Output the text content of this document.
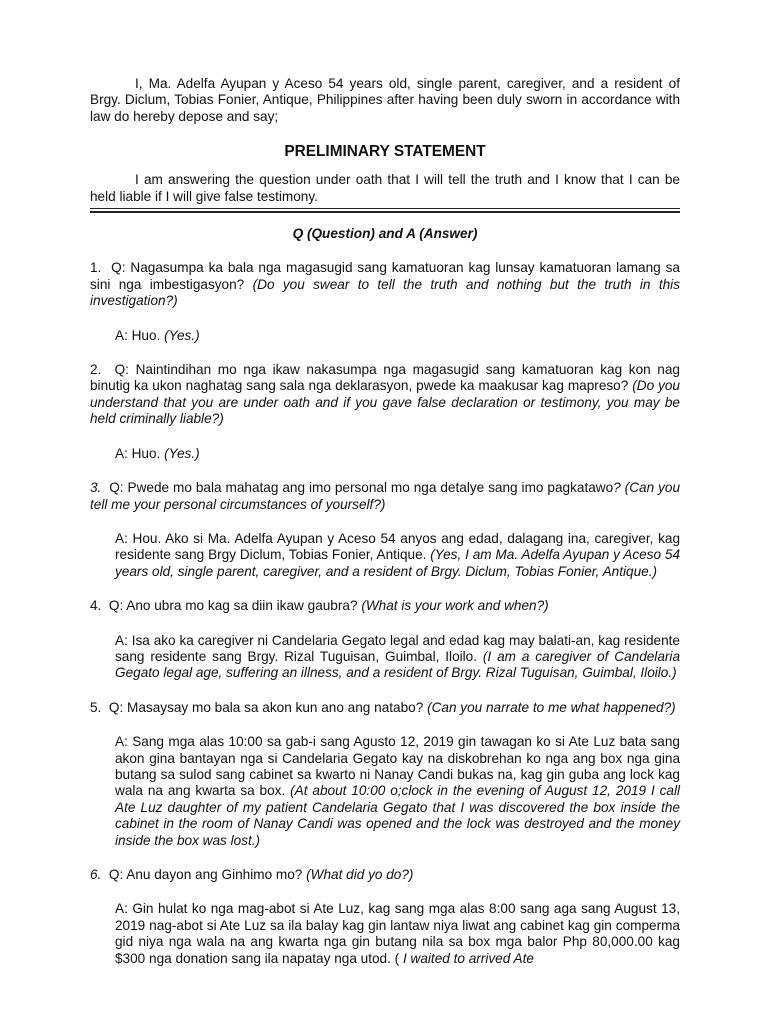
I, Ma. Adelfa Ayupan y Aceso 54 years old, single parent, caregiver, and a resident of Brgy. Diclum, Tobias Fonier, Antique, Philippines after having been duly sworn in accordance with law do hereby depose and say;

PRELIMINARY STATEMENT

I am answering the question under oath that I will tell the truth and I know that I can be held liable if I will give false testimony.

Q (Question) and A (Answer)

1. Q: Nagasumpa ka bala nga magasugid sang kamatuoran kag lunsay kamatuoran lamang sa sini nga imbestigasyon? (Do you swear to tell the truth and nothing but the truth in this investigation?)

A: Huo. (Yes.)

2. Q: Naintindihan mo nga ikaw nakasumpa nga magasugid sang kamatuoran kag kon nag binutig ka ukon naghatag sang sala nga deklarasyon, pwede ka maakusar kag mapreso? (Do you understand that you are under oath and if you gave false declaration or testimony, you may be held criminally liable?)

A: Huo. (Yes.)

3. Q: Pwede mo bala mahatag ang imo personal mo nga detalye sang imo pagkatawo? (Can you tell me your personal circumstances of yourself?)

A: Hou. Ako si Ma. Adelfa Ayupan y Aceso 54 anyos ang edad, dalagang ina, caregiver, kag residente sang Brgy Diclum, Tobias Fonier, Antique. (Yes, I am Ma. Adelfa Ayupan y Aceso 54 years old, single parent, caregiver, and a resident of Brgy. Diclum, Tobias Fonier, Antique.)

4. Q: Ano ubra mo kag sa diin ikaw gaubra? (What is your work and when?)

A: Isa ako ka caregiver ni Candelaria Gegato legal and edad kag may balati-an, kag residente sang residente sang Brgy. Rizal Tuguisan, Guimbal, Iloilo. (I am a caregiver of Candelaria Gegato legal age, suffering an illness, and a resident of Brgy. Rizal Tuguisan, Guimbal, Iloilo.)

5. Q: Masaysay mo bala sa akon kun ano ang natabo? (Can you narrate to me what happened?)

A: Sang mga alas 10:00 sa gab-i sang Agusto 12, 2019 gin tawagan ko si Ate Luz bata sang akon gina bantayan nga si Candelaria Gegato kay na diskobrehan ko nga ang box nga gina butang sa sulod sang cabinet sa kwarto ni Nanay Candi bukas na, kag gin guba ang lock kag wala na ang kwarta sa box. (At about 10:00 o;clock in the evening of August 12, 2019 I call Ate Luz daughter of my patient Candelaria Gegato that I was discovered the box inside the cabinet in the room of Nanay Candi was opened and the lock was destroyed and the money inside the box was lost.)

6. Q: Anu dayon ang Ginhimo mo? (What did yo do?)

A: Gin hulat ko nga mag-abot si Ate Luz, kag sang mga alas 8:00 sang aga sang August 13, 2019 nag-abot si Ate Luz sa ila balay kag gin lantaw niya liwat ang cabinet kag gin comperma gid niya nga wala na ang kwarta nga gin butang nila sa box mga balor Php 80,000.00 kag $300 nga donation sang ila napatay nga utod. ( I waited to arrived Ate
